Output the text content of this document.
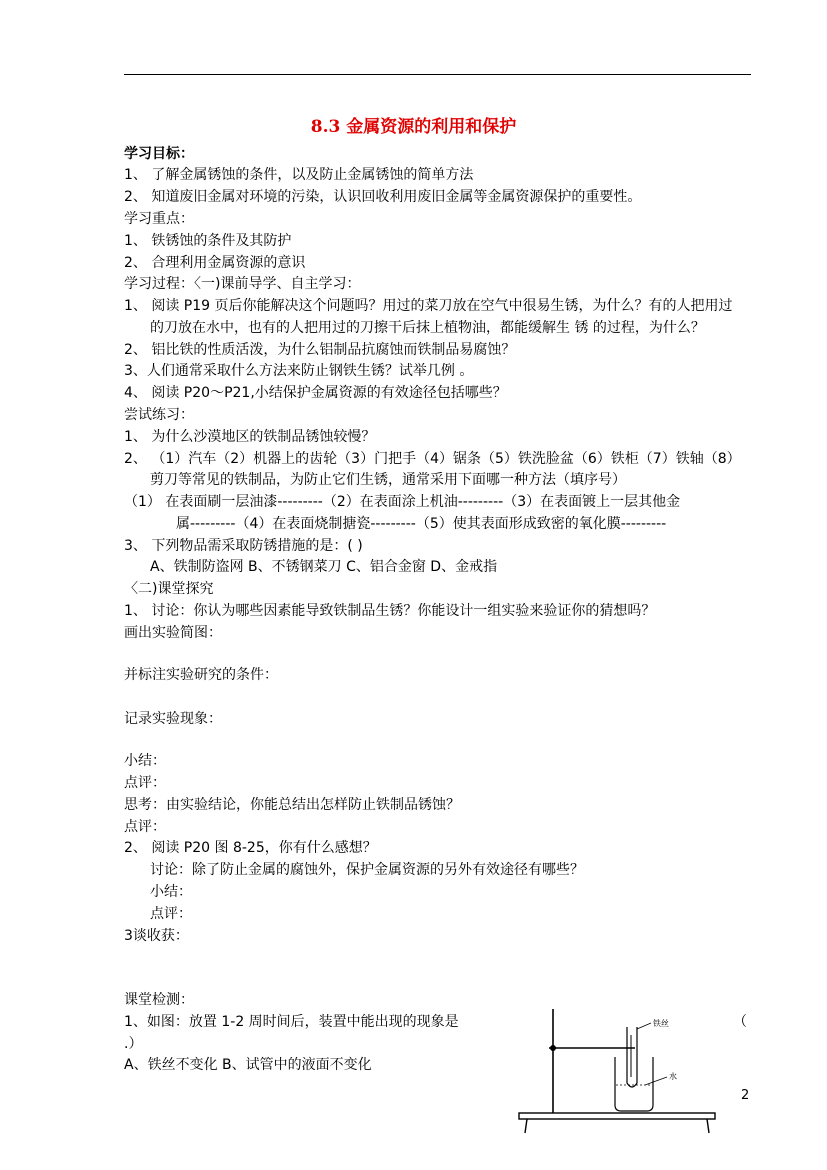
8.3 金属资源的利用和保护
学习目标：
1、 了解金属锈蚀的条件，以及防止金属锈蚀的简单方法
2、 知道废旧金属对环境的污染，认识回收利用废旧金属等金属资源保护的重要性。
学习重点：
1、 铁锈蚀的条件及其防护
2、 合理利用金属资源的意识
学习过程：〈一)课前导学、自主学习：
1、 阅读 P19 页后你能解决这个问题吗？用过的菜刀放在空气中很易生锈，为什么？有的人把用过
的刀放在水中，也有的人把用过的刀擦干后抹上植物油，都能缓解生 锈 的过程，为什么？
2、 铝比铁的性质活泼，为什么铝制品抗腐蚀而铁制品易腐蚀？
3、人们通常采取什么方法来防止钢铁生锈？试举几例 。
4、 阅读 P20～P21,小结保护金属资源的有效途径包括哪些？
尝试练习：
1、 为什么沙漠地区的铁制品锈蚀较慢？
2、 （1）汽车（2）机器上的齿轮（3）门把手（4）锯条（5）铁洗脸盆（6）铁柜（7）铁轴（8）
剪刀等常见的铁制品，为防止它们生锈，通常采用下面哪一种方法（填序号）
（1） 在表面刷一层油漆---------（2）在表面涂上机油---------（3）在表面镀上一层其他金
属---------（4）在表面烧制搪瓷---------（5）使其表面形成致密的氧化膜---------
3、 下列物品需采取防锈措施的是：( )
A、铁制防盗网 B、不锈钢菜刀 C、铝合金窗 D、金戒指
〈二)课堂探究
1、 讨论：你认为哪些因素能导致铁制品生锈？你能设计一组实验来验证你的猜想吗？
画出实验简图：
并标注实验研究的条件：
记录实验现象：
小结：
点评：
思考：由实验结论，你能总结出怎样防止铁制品锈蚀？
点评：
2、 阅读 P20 图 8-25，你有什么感想？
讨论：除了防止金属的腐蚀外，保护金属资源的另外有效途径有哪些？
小结：
点评：
3谈收获：
课堂检测：
1、如图：放置 1-2 周时间后，装置中能出现的现象是	（
.）
A、铁丝不变化 B、试管中的液面不变化
铁丝
水
2
